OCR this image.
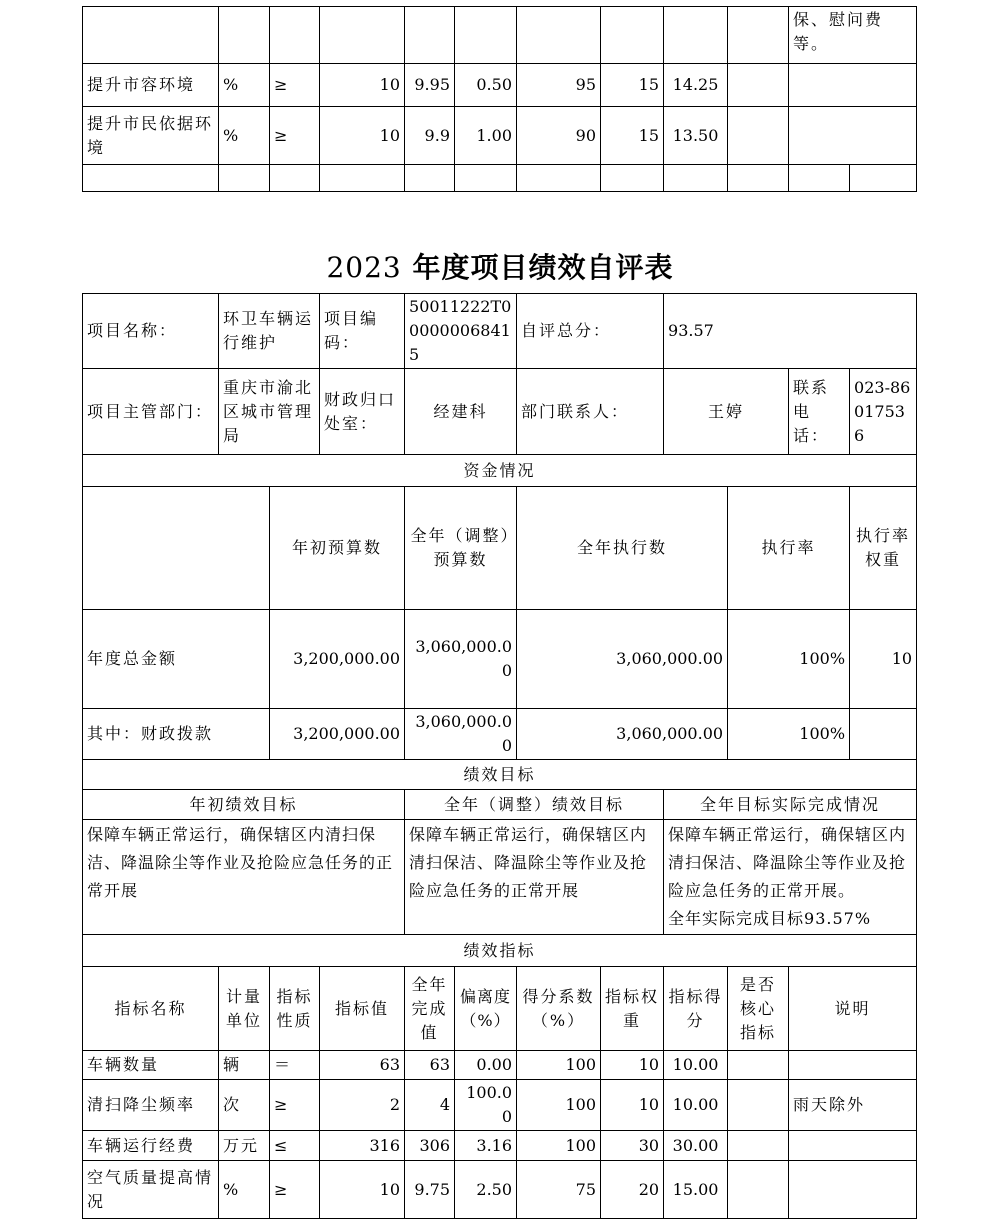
										保、慰问费等。	
提升市容环境	%	≥	10	9.95	0.50	95	15	14.25			
提升市民依据环境	%	≥	10	9.9	1.00	90	15	13.50			

2023 年度项目绩效自评表
项目名称：	环卫车辆运行维护		项目编码：	50011222T000000068415		自评总分：		93.57				
项目主管部门：	重庆市渝北区城市管理局		财政归口处室：	经建科		部门联系人：		王婷		联系电话：	023-86017536	
资金情况												
		年初预算数		全年（调整）预算数		全年执行数			执行率		执行率权重	
年度总金额		3,200,000.00		3,060,000.00		3,060,000.00			100%		10	
其中：财政拨款		3,200,000.00		3,060,000.00		3,060,000.00			100%			
绩效目标												
年初绩效目标				全年（调整）绩效目标				全年目标实际完成情况				
保障车辆正常运行，确保辖区内清扫保洁、降温除尘等作业及抢险应急任务的正常开展				保障车辆正常运行，确保辖区内清扫保洁、降温除尘等作业及抢险应急任务的正常开展				保障车辆正常运行，确保辖区内清扫保洁、降温除尘等作业及抢险应急任务的正常开展。
全年实际完成目标93.57%				
绩效指标												
指标名称	计量单位	指标性质	指标值	全年完成值	偏离度（%）	得分系数（%）	指标权重	指标得分	是否核心指标	说明		
车辆数量	辆	＝	63	63	0.00	100	10	10.00				
清扫降尘频率	次	≥	2	4	100.00	100	10	10.00		雨天除外		
车辆运行经费	万元	≤	316	306	3.16	100	30	30.00				
空气质量提高情况	%	≥	10	9.75	2.50	75	20	15.00				
